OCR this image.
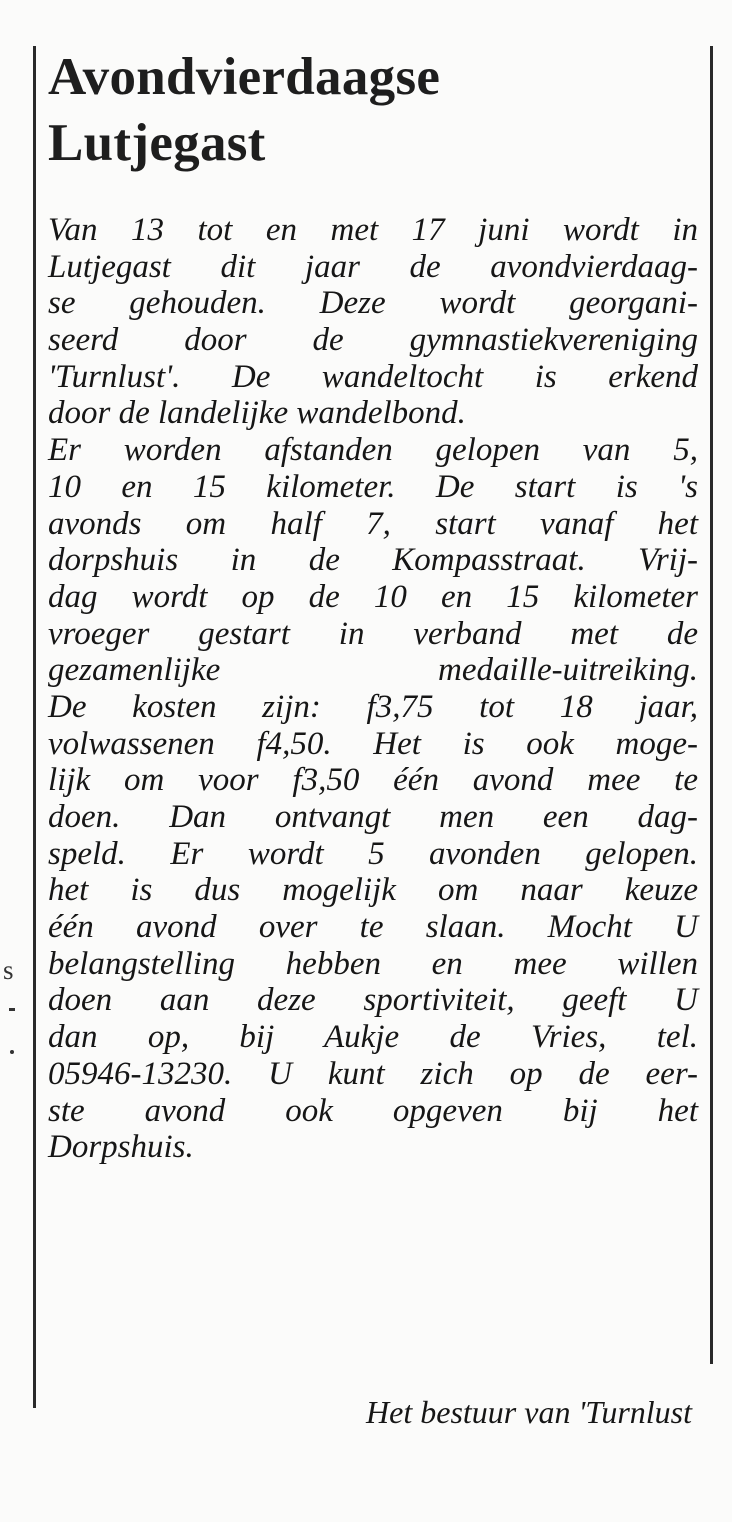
s
Avondvierdaagse
Lutjegast
Van 13 tot en met 17 juni wordt in
Lutjegast dit jaar de avondvierdaag-
se gehouden. Deze wordt georgani-
seerd door de gymnastiekvereniging
'Turnlust'. De wandeltocht is erkend
door de landelijke wandelbond.
Er worden afstanden gelopen van 5,
10 en 15 kilometer. De start is 's
avonds om half 7, start vanaf het
dorpshuis in de Kompasstraat. Vrij-
dag wordt op de 10 en 15 kilometer
vroeger gestart in verband met de
gezamenlijke medaille-uitreiking.
De kosten zijn: f3,75 tot 18 jaar,
volwassenen f4,50. Het is ook moge-
lijk om voor f3,50 één avond mee te
doen. Dan ontvangt men een dag-
speld. Er wordt 5 avonden gelopen.
het is dus mogelijk om naar keuze
één avond over te slaan. Mocht U
belangstelling hebben en mee willen
doen aan deze sportiviteit, geeft U
dan op, bij Aukje de Vries, tel.
05946-13230. U kunt zich op de eer-
ste avond ook opgeven bij het
Dorpshuis.
Het bestuur van 'Turnlust
